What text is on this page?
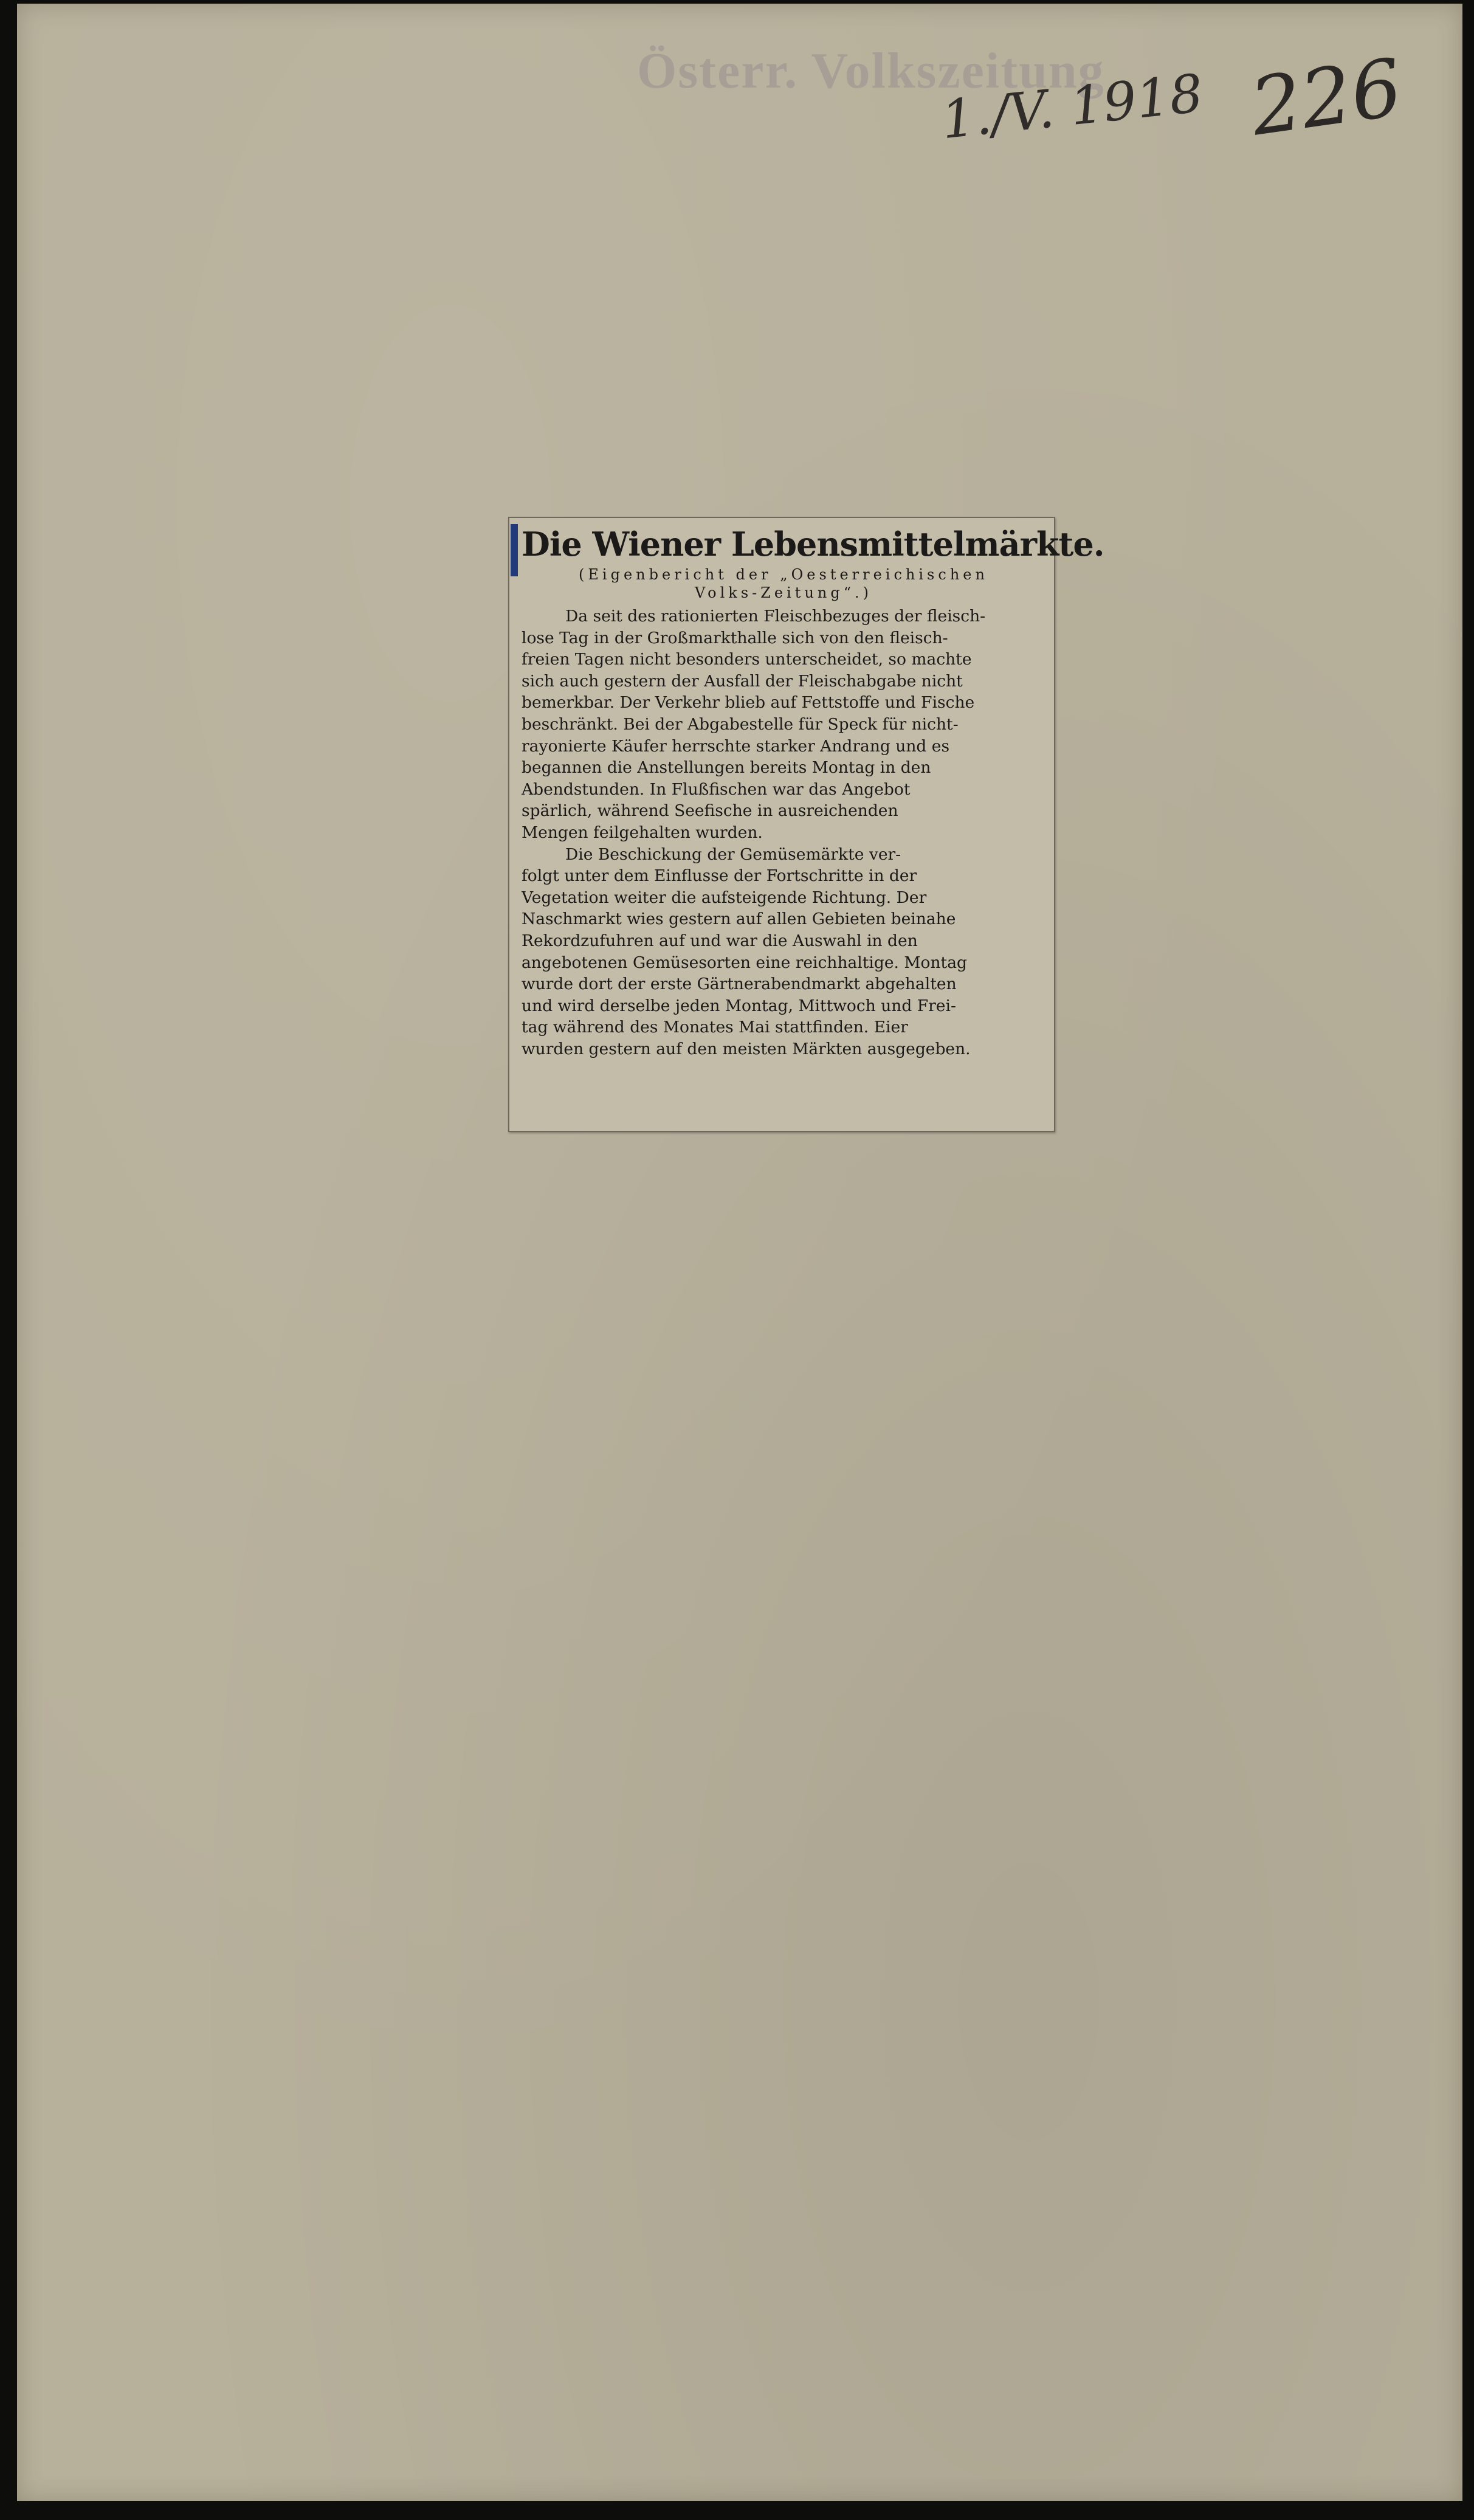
Österr. Volkszeitung
1./V. 1918 226
Die Wiener Lebensmittelmärkte.
(Eigenbericht der „Oesterreichischen
Volks-Zeitung“.)
Da seit des rationierten Fleischbezuges der fleisch-
lose Tag in der Großmarkthalle sich von den fleisch-
freien Tagen nicht besonders unterscheidet, so machte
sich auch gestern der Ausfall der Fleischabgabe nicht
bemerkbar. Der Verkehr blieb auf Fettstoffe und Fische
beschränkt. Bei der Abgabestelle für Speck für nicht-
rayonierte Käufer herrschte starker Andrang und es
begannen die Anstellungen bereits Montag in den
Abendstunden. In Flußfischen war das Angebot
spärlich, während Seefische in ausreichenden
Mengen feilgehalten wurden.
Die Beschickung der Gemüsemärkte ver-
folgt unter dem Einflusse der Fortschritte in der
Vegetation weiter die aufsteigende Richtung. Der
Naschmarkt wies gestern auf allen Gebieten beinahe
Rekordzufuhren auf und war die Auswahl in den
angebotenen Gemüsesorten eine reichhaltige. Montag
wurde dort der erste Gärtnerabendmarkt abgehalten
und wird derselbe jeden Montag, Mittwoch und Frei-
tag während des Monates Mai stattfinden. Eier
wurden gestern auf den meisten Märkten ausgegeben.
